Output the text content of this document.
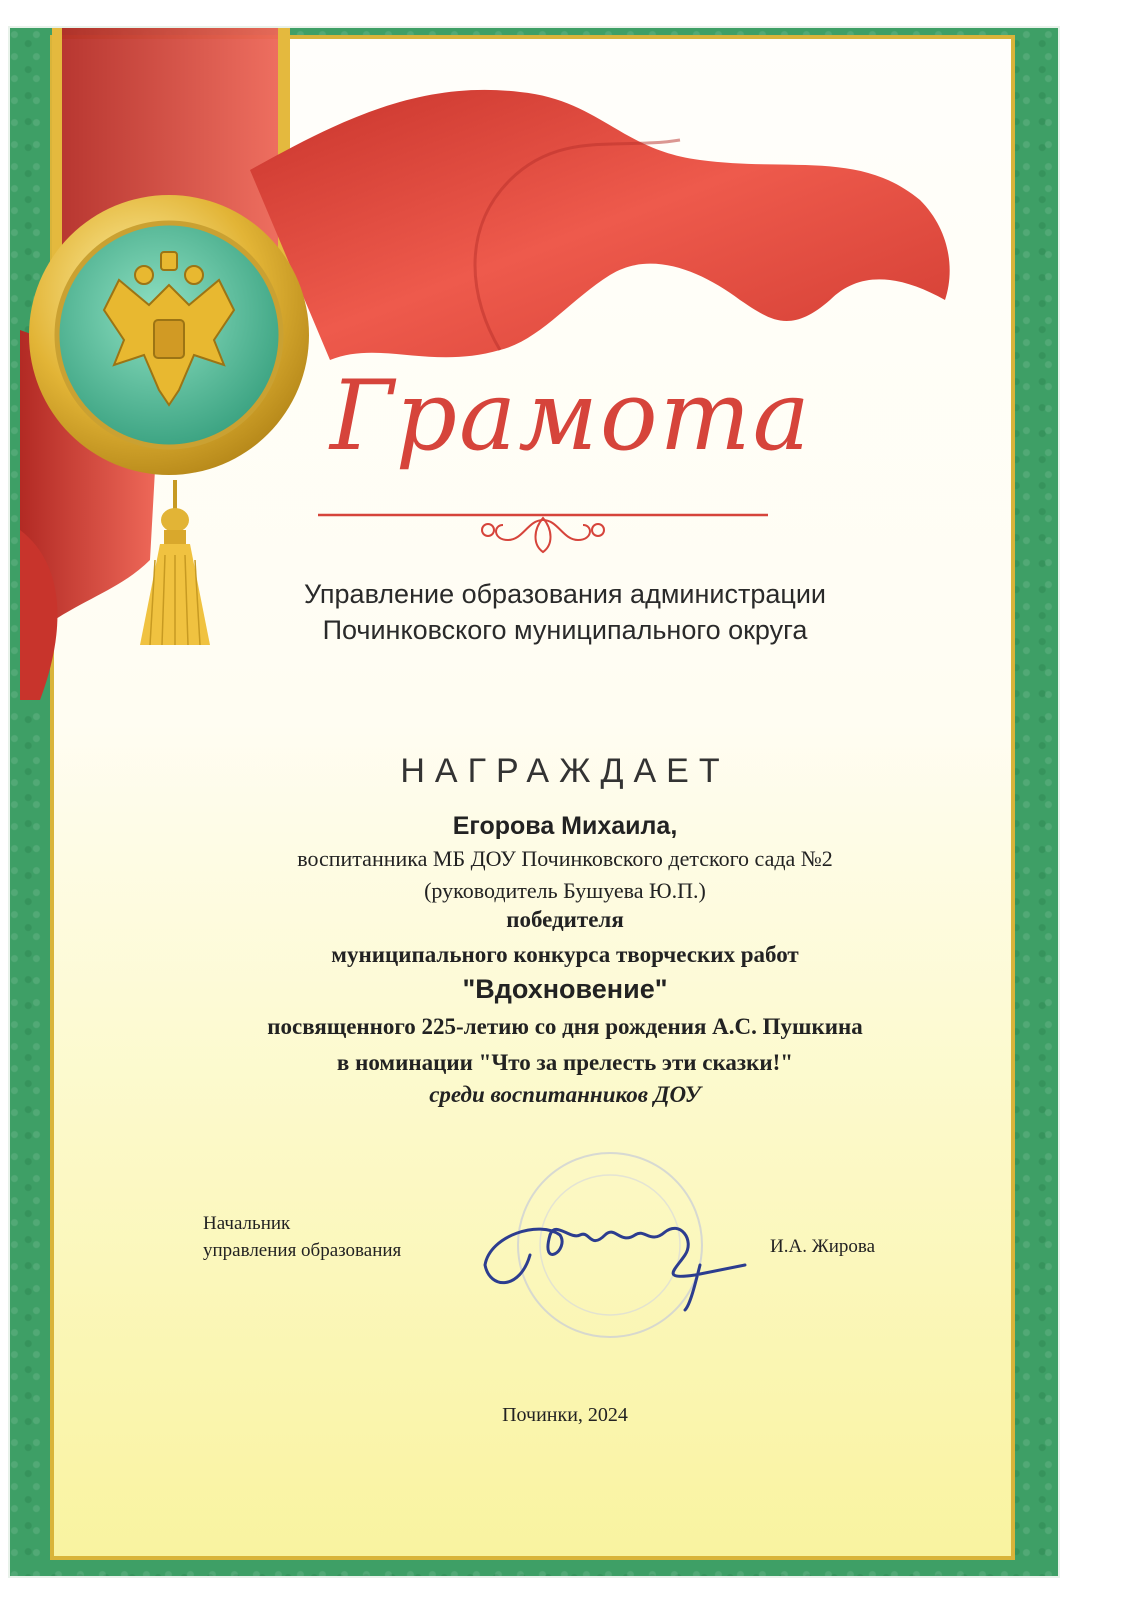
Грамота
Управление образования администрации
Починковского муниципального округа
НАГРАЖДАЕТ
Егорова Михаила,
воспитанника МБ ДОУ Починковского детского сада №2
(руководитель Бушуева Ю.П.)
победителя
муниципального конкурса творческих работ
"Вдохновение"
посвященного 225-летию со дня рождения А.С. Пушкина
в номинации "Что за прелесть эти сказки!"
среди воспитанников ДОУ
Начальник
управления образования	И.А. Жирова
Починки, 2024
